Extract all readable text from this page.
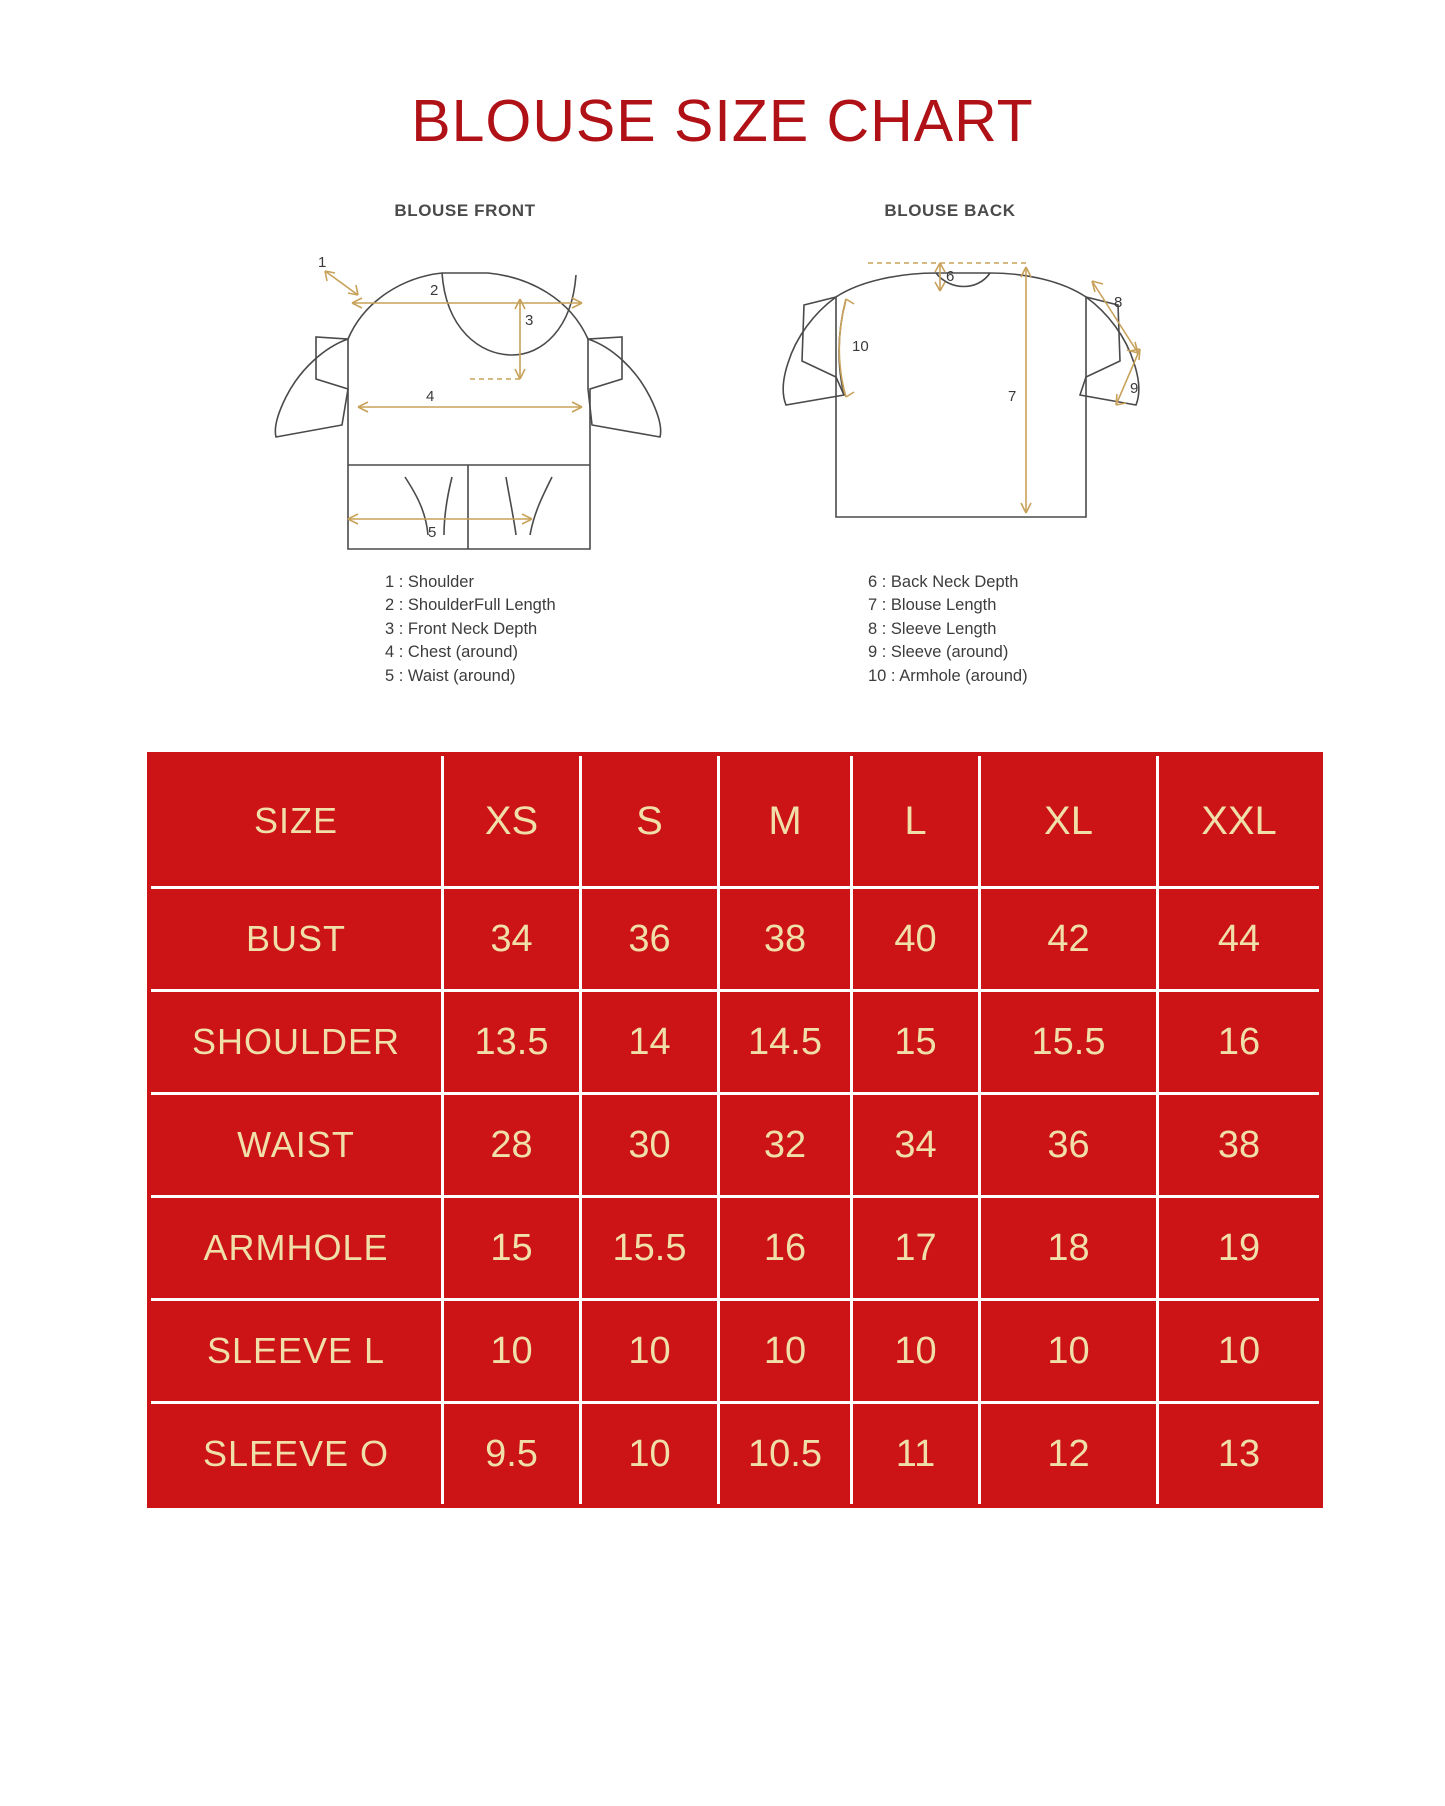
BLOUSE SIZE CHART
BLOUSE FRONT
1
2
3
4
5
BLOUSE BACK
6
7
8
9
10
1 : Shoulder
2 : ShoulderFull Length
3 : Front Neck Depth
4 : Chest (around)
5 : Waist (around)
6 : Back Neck Depth
7 : Blouse Length
8 : Sleeve Length
9 : Sleeve (around)
10 : Armhole (around)
SIZE	XS	S	M	L	XL	XXL
BUST	34	36	38	40	42	44
SHOULDER	13.5	14	14.5	15	15.5	16
WAIST	28	30	32	34	36	38
ARMHOLE	15	15.5	16	17	18	19
SLEEVE L	10	10	10	10	10	10
SLEEVE O	9.5	10	10.5	11	12	13
